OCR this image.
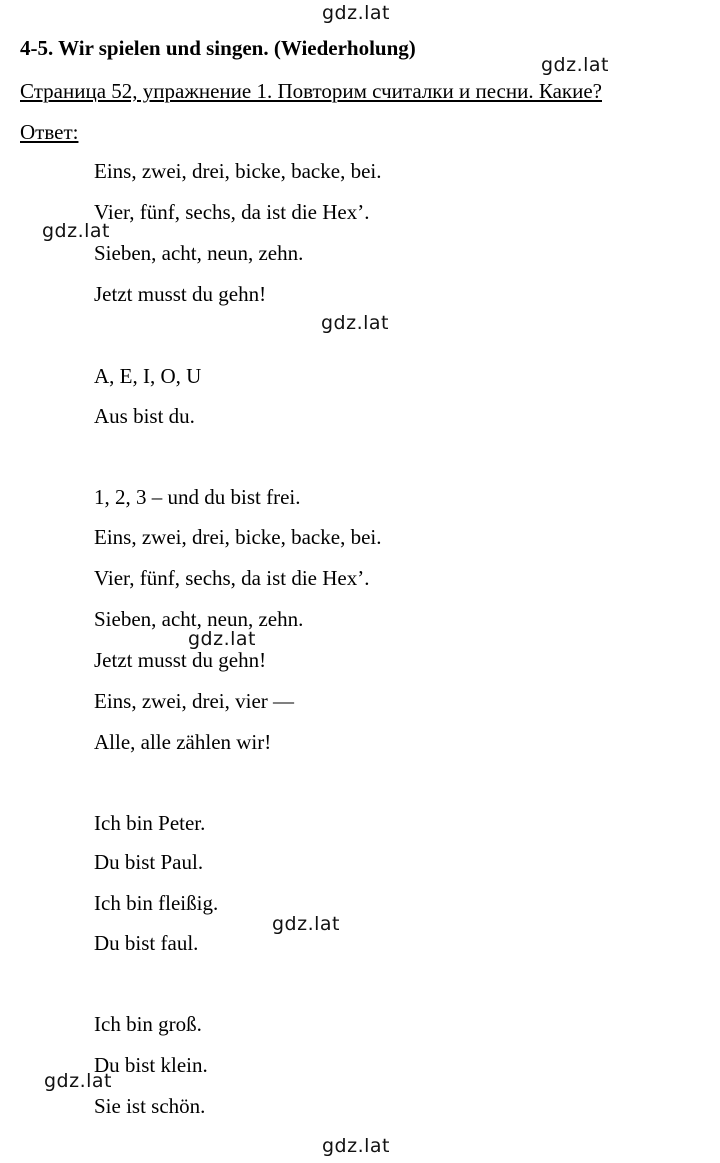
4-5. Wir spielen und singen. (Wiederholung)
Страница 52, упражнение 1. Повторим считалки и песни. Какие?
Ответ:
Eins, zwei, drei, bicke, backe, bei.
Vier, fünf, sechs, da ist die Hex’.
Sieben, acht, neun, zehn.
Jetzt musst du gehn!
A, E, I, O, U
Aus bist du.
1, 2, 3 – und du bist frei.
Eins, zwei, drei, bicke, backe, bei.
Vier, fünf, sechs, da ist die Hex’.
Sieben, acht, neun, zehn.
Jetzt musst du gehn!
Eins, zwei, drei, vier —
Alle, alle zählen wir!
Ich bin Peter.
Du bist Paul.
Ich bin fleißig.
Du bist faul.
Ich bin groß.
Du bist klein.
Sie ist schön.
gdz.lat
gdz.lat
gdz.lat
gdz.lat
gdz.lat
gdz.lat
gdz.lat
gdz.lat
